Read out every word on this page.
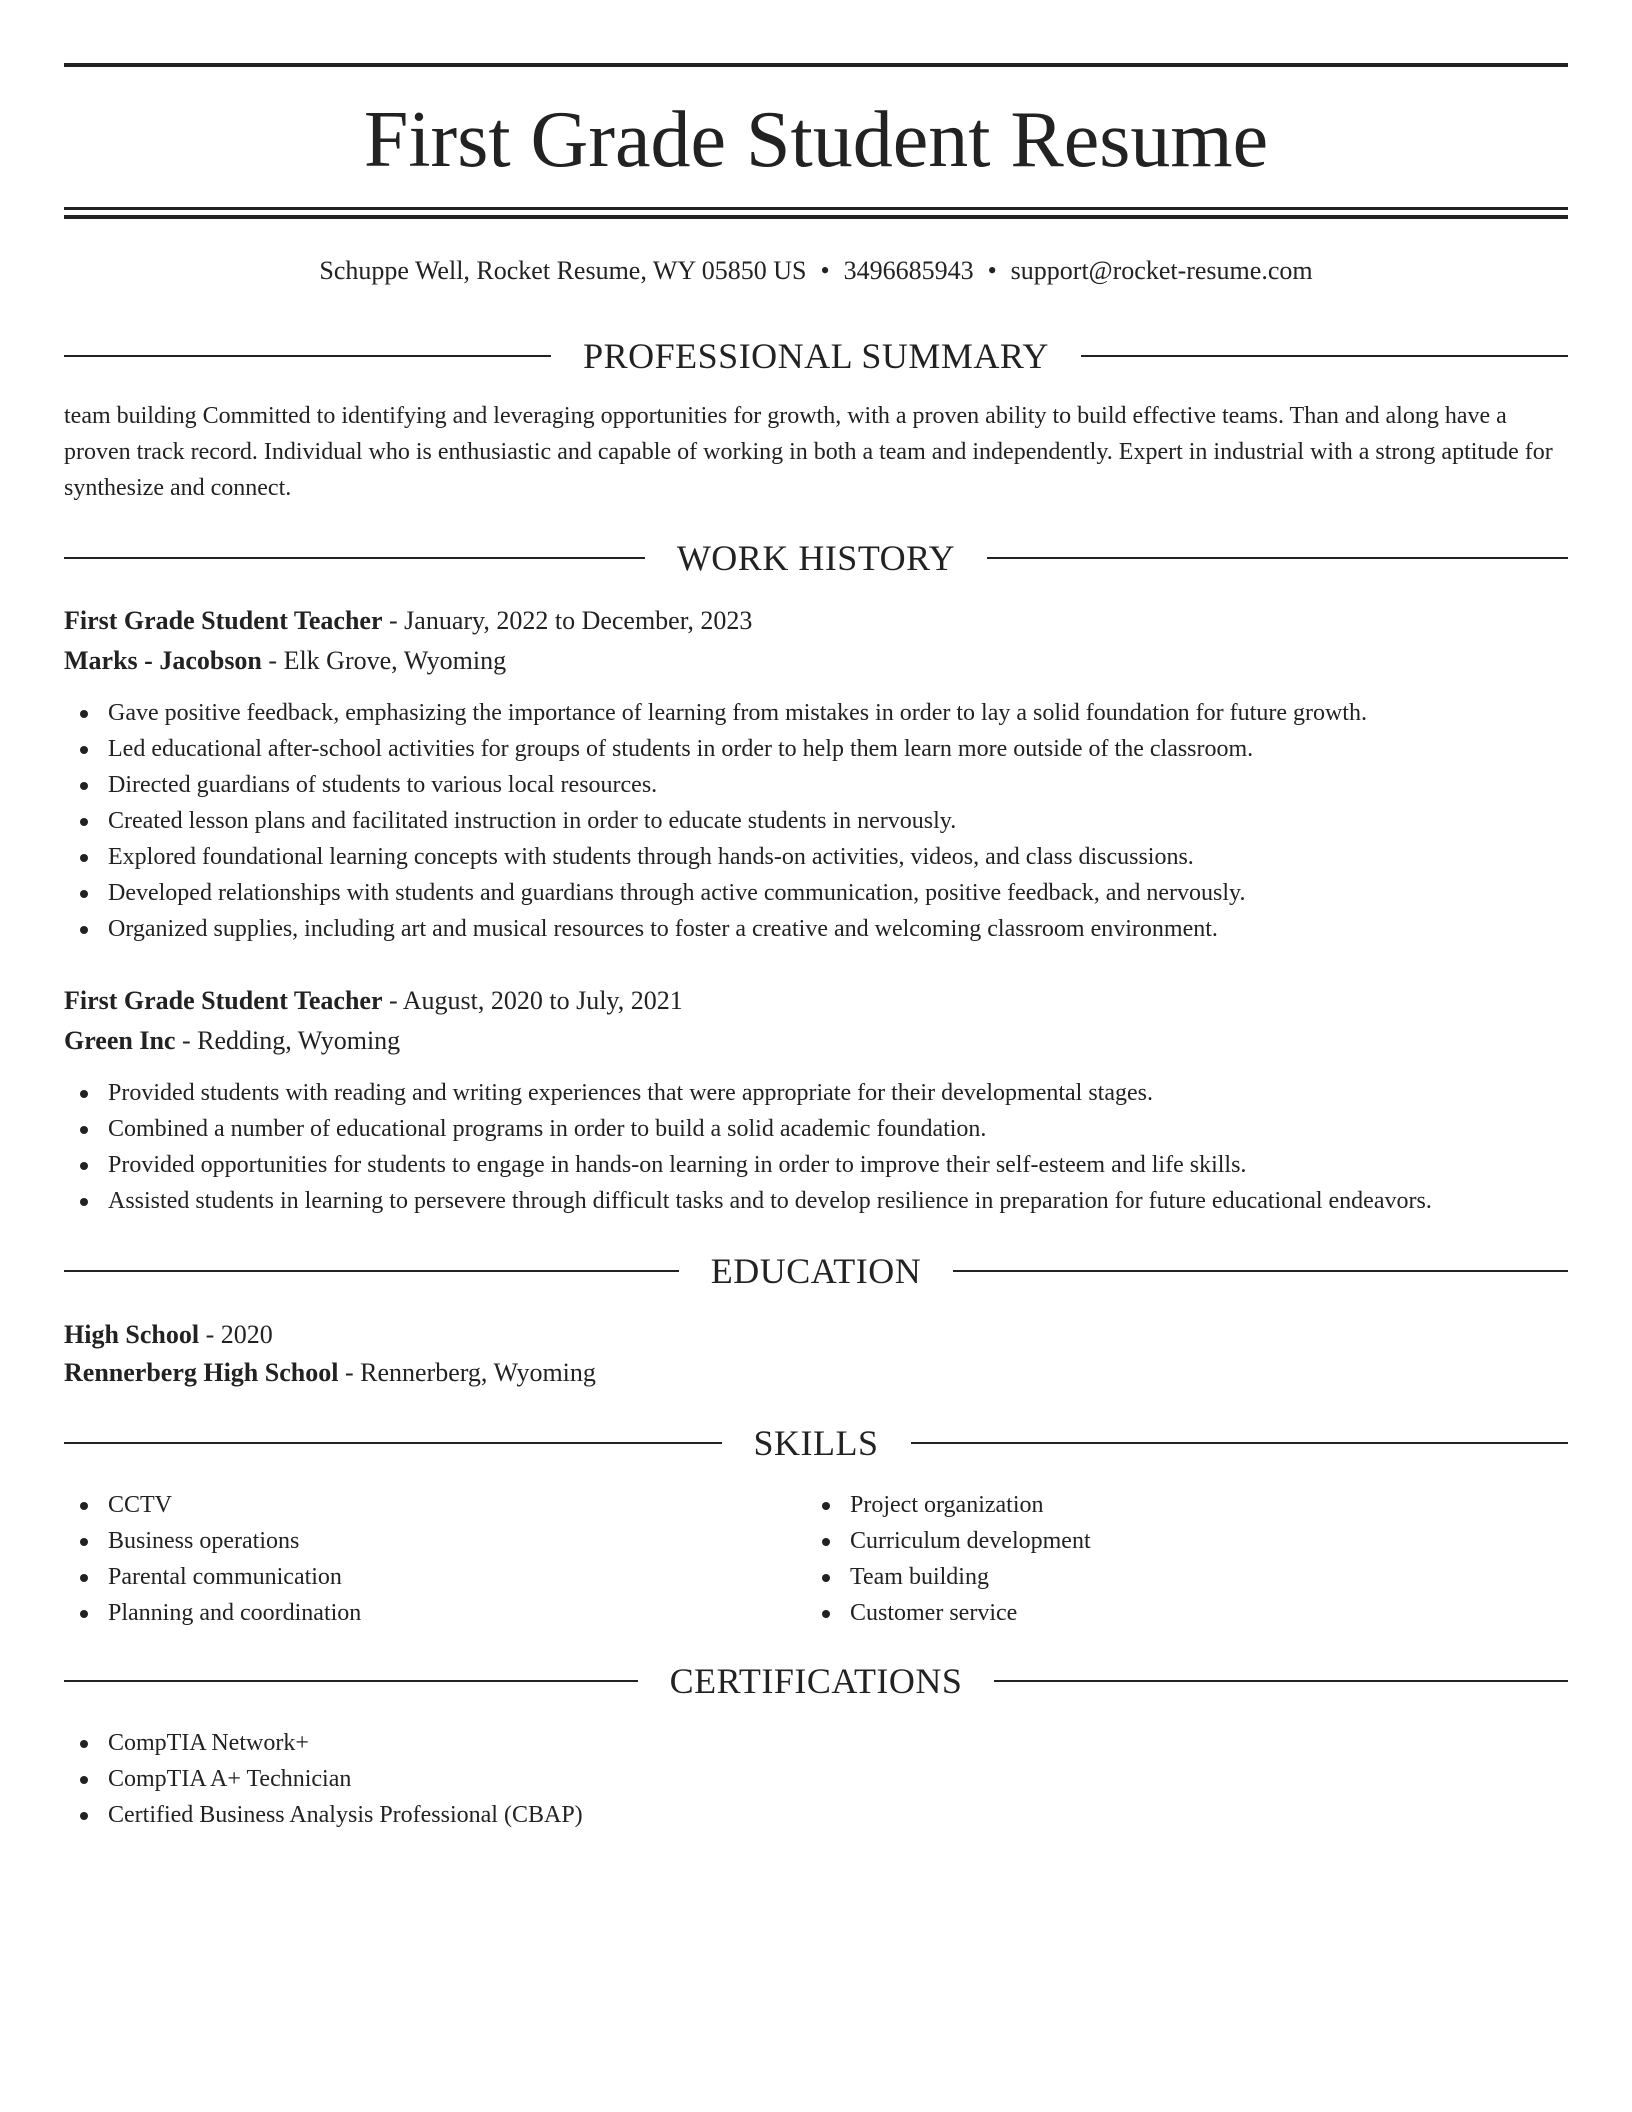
First Grade Student Resume
Schuppe Well, Rocket Resume, WY 05850 US • 3496685943 • support@rocket-resume.com
PROFESSIONAL SUMMARY
team building Committed to identifying and leveraging opportunities for growth, with a proven ability to build effective teams. Than and along have a proven track record. Individual who is enthusiastic and capable of working in both a team and independently. Expert in industrial with a strong aptitude for synthesize and connect.
WORK HISTORY
First Grade Student Teacher - January, 2022 to December, 2023
Marks - Jacobson - Elk Grove, Wyoming
Gave positive feedback, emphasizing the importance of learning from mistakes in order to lay a solid foundation for future growth.
Led educational after-school activities for groups of students in order to help them learn more outside of the classroom.
Directed guardians of students to various local resources.
Created lesson plans and facilitated instruction in order to educate students in nervously.
Explored foundational learning concepts with students through hands-on activities, videos, and class discussions.
Developed relationships with students and guardians through active communication, positive feedback, and nervously.
Organized supplies, including art and musical resources to foster a creative and welcoming classroom environment.
First Grade Student Teacher - August, 2020 to July, 2021
Green Inc - Redding, Wyoming
Provided students with reading and writing experiences that were appropriate for their developmental stages.
Combined a number of educational programs in order to build a solid academic foundation.
Provided opportunities for students to engage in hands-on learning in order to improve their self-esteem and life skills.
Assisted students in learning to persevere through difficult tasks and to develop resilience in preparation for future educational endeavors.
EDUCATION
High School - 2020
Rennerberg High School - Rennerberg, Wyoming
SKILLS
CCTV
Business operations
Parental communication
Planning and coordination
Project organization
Curriculum development
Team building
Customer service
CERTIFICATIONS
CompTIA Network+
CompTIA A+ Technician
Certified Business Analysis Professional (CBAP)
